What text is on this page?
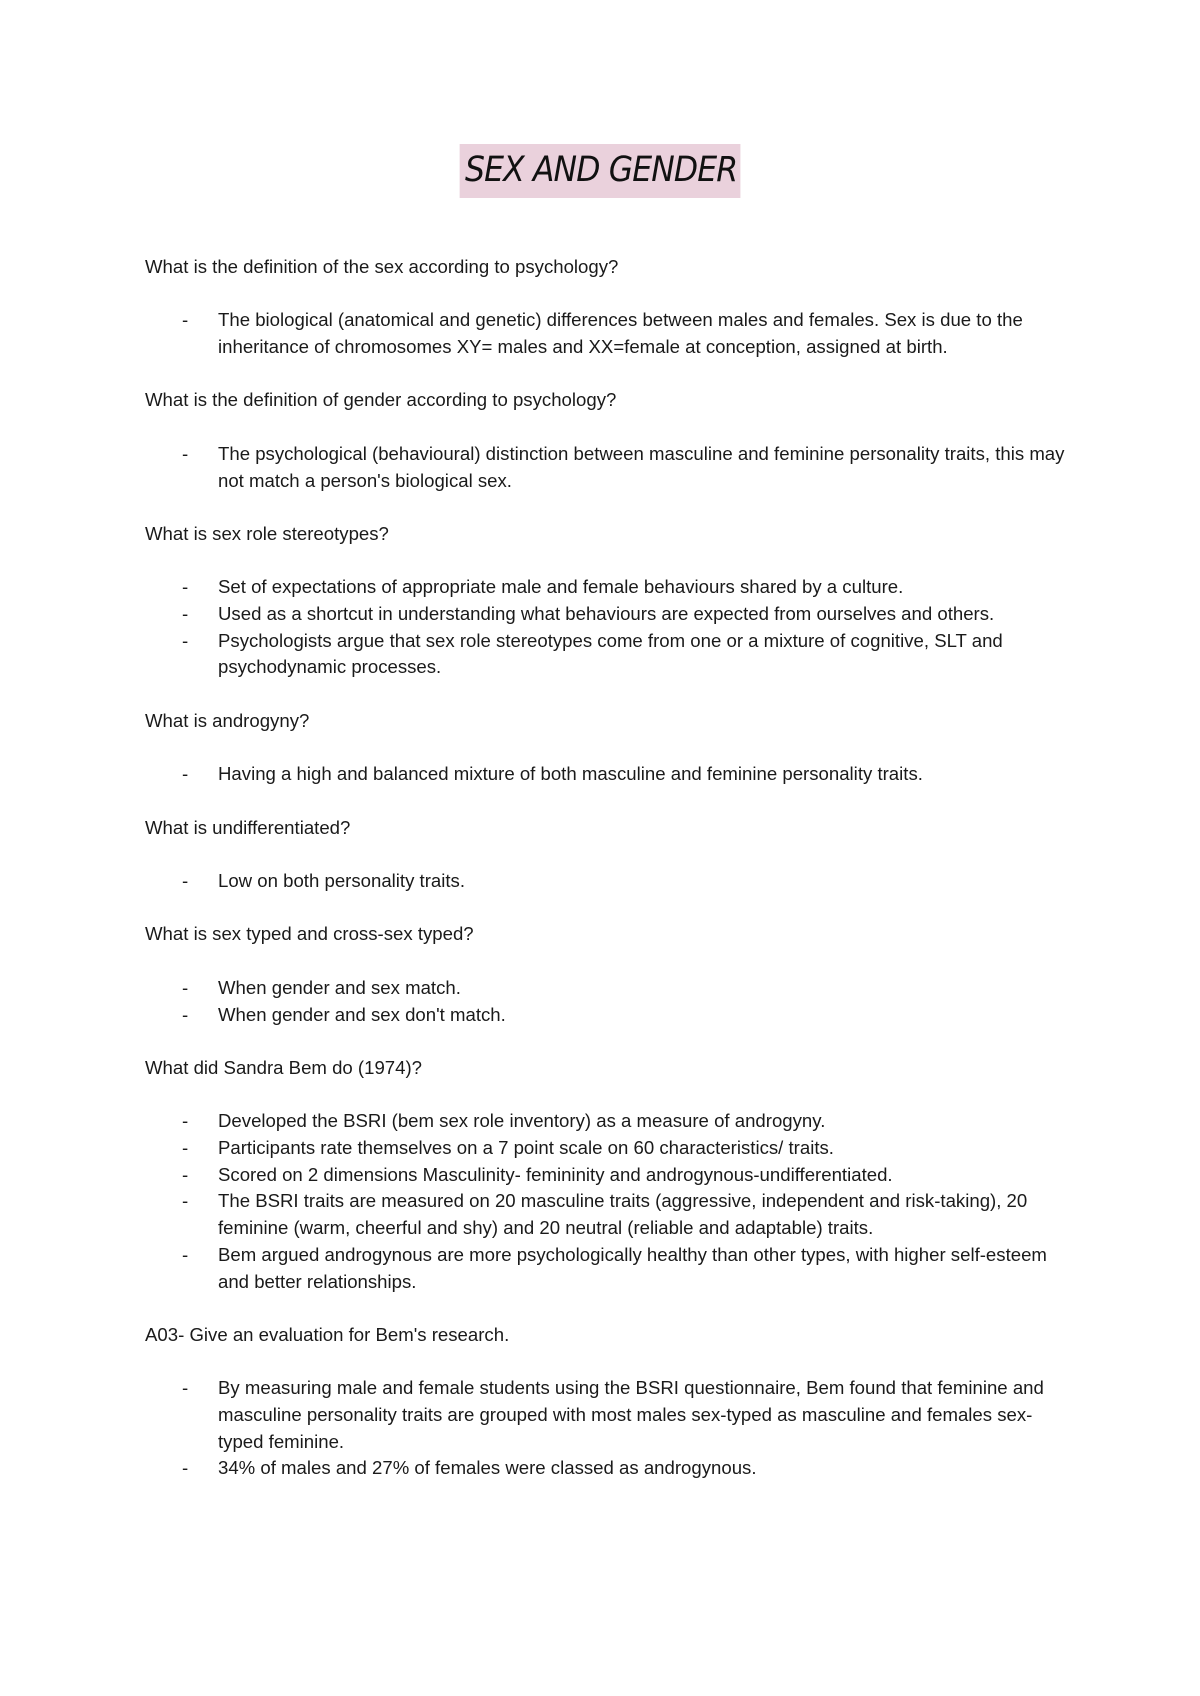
SEX AND GENDER

What is the definition of the sex according to psychology?

- The biological (anatomical and genetic) differences between males and females. Sex is due to the inheritance of chromosomes XY= males and XX=female at conception, assigned at birth.

What is the definition of gender according to psychology?

- The psychological (behavioural) distinction between masculine and feminine personality traits, this may not match a person's biological sex.

What is sex role stereotypes?

- Set of expectations of appropriate male and female behaviours shared by a culture.
- Used as a shortcut in understanding what behaviours are expected from ourselves and others.
- Psychologists argue that sex role stereotypes come from one or a mixture of cognitive, SLT and psychodynamic processes.

What is androgyny?

- Having a high and balanced mixture of both masculine and feminine personality traits.

What is undifferentiated?

- Low on both personality traits.

What is sex typed and cross-sex typed?

- When gender and sex match.
- When gender and sex don't match.

What did Sandra Bem do (1974)?

- Developed the BSRI (bem sex role inventory) as a measure of androgyny.
- Participants rate themselves on a 7 point scale on 60 characteristics/ traits.
- Scored on 2 dimensions Masculinity- femininity and androgynous-undifferentiated.
- The BSRI traits are measured on 20 masculine traits (aggressive, independent and risk-taking), 20 feminine (warm, cheerful and shy) and 20 neutral (reliable and adaptable) traits.
- Bem argued androgynous are more psychologically healthy than other types, with higher self-esteem and better relationships.

A03- Give an evaluation for Bem's research.

- By measuring male and female students using the BSRI questionnaire, Bem found that feminine and masculine personality traits are grouped with most males sex-typed as masculine and females sex-typed feminine.
- 34% of males and 27% of females were classed as androgynous.
